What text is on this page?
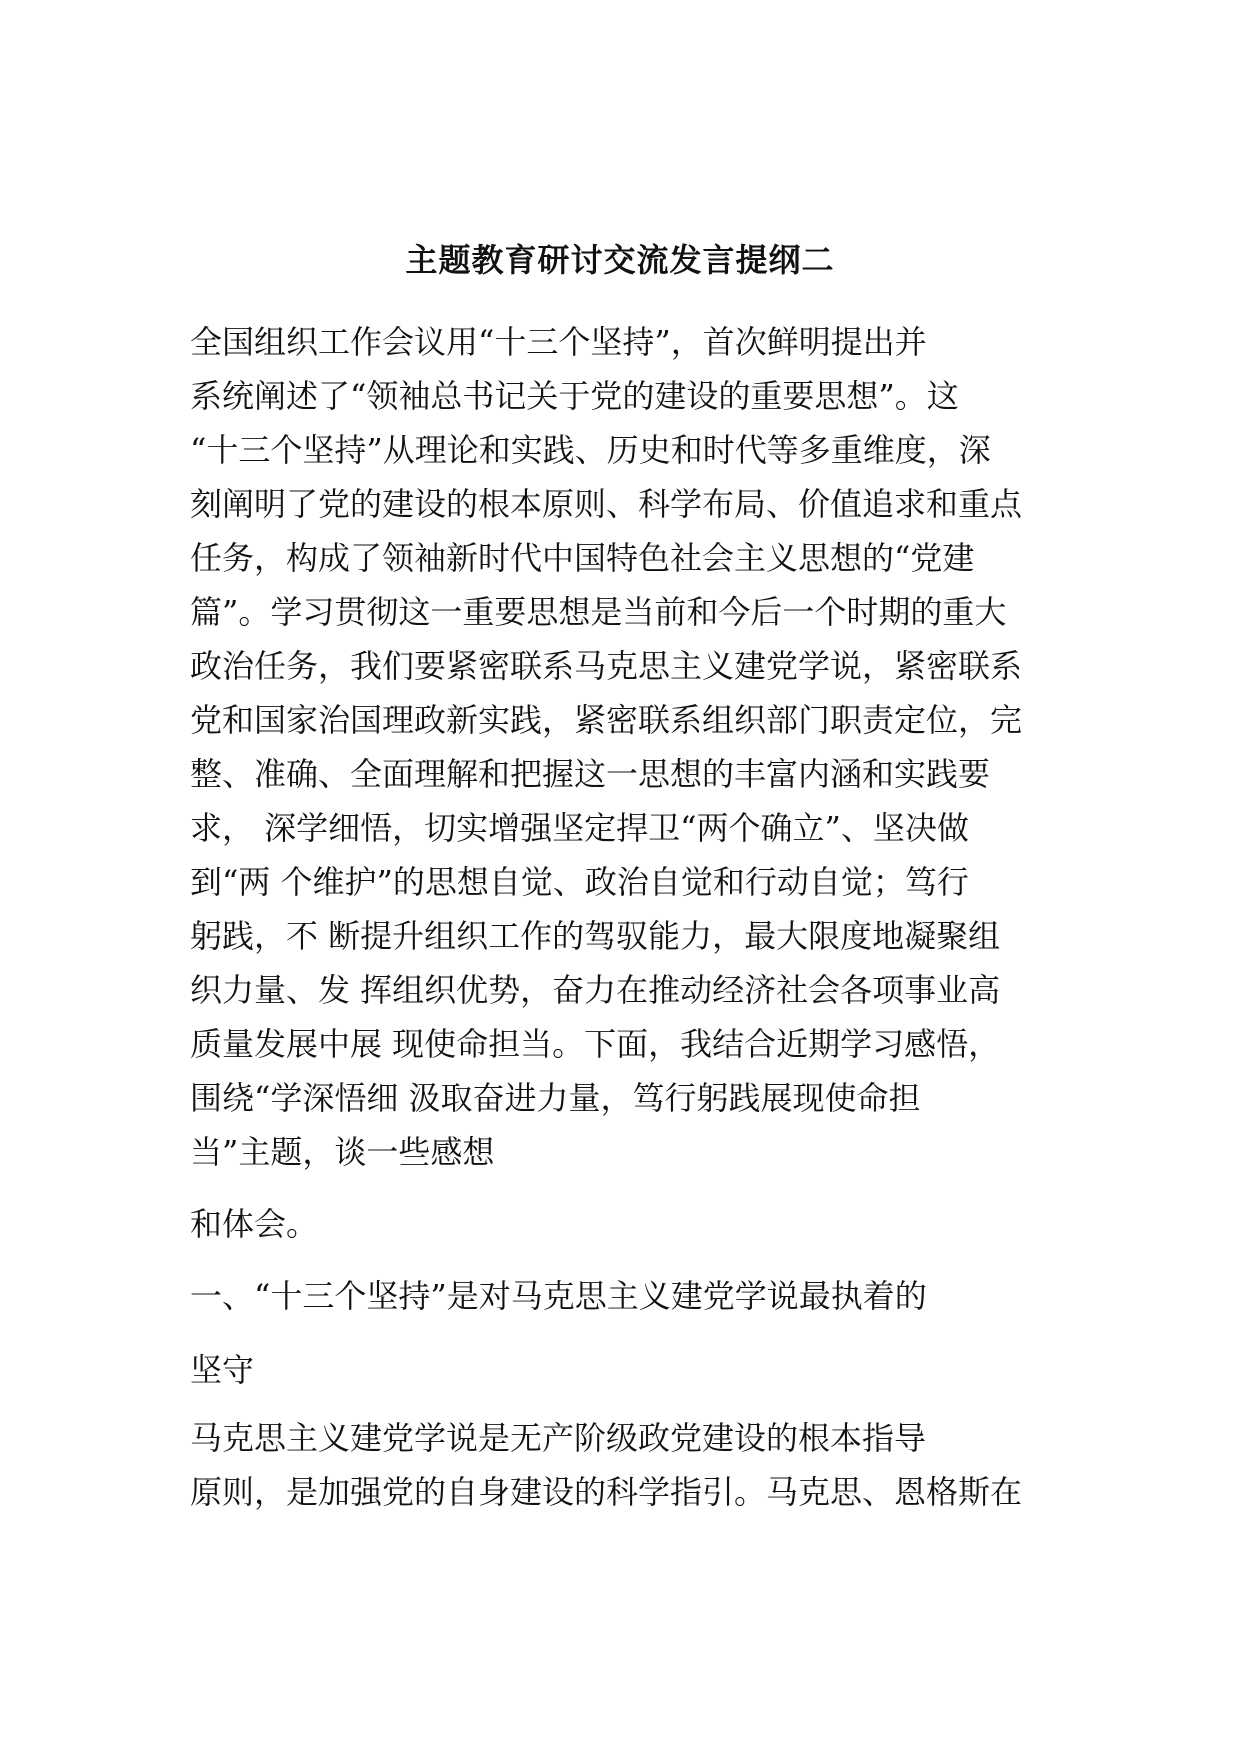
主题教育研讨交流发言提纲二
全国组织工作会议用“十三个坚持”，首次鲜明提出并
系统阐述了“领袖总书记关于党的建设的重要思想”。这
“十三个坚持”从理论和实践、历史和时代等多重维度，深
刻阐明了党的建设的根本原则、科学布局、价值追求和重点
任务，构成了领袖新时代中国特色社会主义思想的“党建
篇”。学习贯彻这一重要思想是当前和今后一个时期的重大
政治任务，我们要紧密联系马克思主义建党学说，紧密联系
党和国家治国理政新实践，紧密联系组织部门职责定位，完
整、准确、全面理解和把握这一思想的丰富内涵和实践要
求， 深学细悟，切实增强坚定捍卫“两个确立”、坚决做
到“两 个维护”的思想自觉、政治自觉和行动自觉；笃行
躬践，不 断提升组织工作的驾驭能力，最大限度地凝聚组
织力量、发 挥组织优势，奋力在推动经济社会各项事业高
质量发展中展 现使命担当。下面，我结合近期学习感悟，
围绕“学深悟细 汲取奋进力量，笃行躬践展现使命担
当”主题，谈一些感想
和体会。
一、“十三个坚持”是对马克思主义建党学说最执着的
坚守
马克思主义建党学说是无产阶级政党建设的根本指导
原则，是加强党的自身建设的科学指引。马克思、恩格斯在
